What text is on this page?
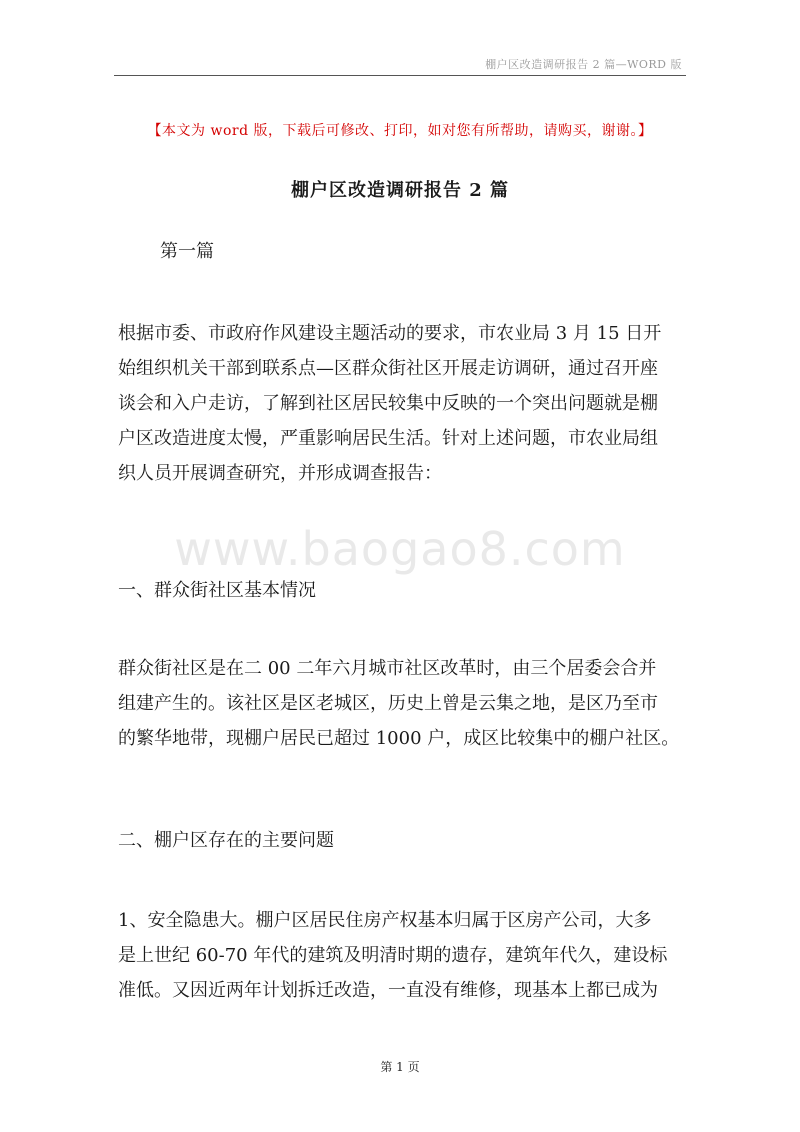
棚户区改造调研报告 2 篇—WORD 版
【本文为 word 版，下载后可修改、打印，如对您有所帮助，请购买，谢谢。】
棚户区改造调研报告 2 篇
第一篇

根据市委、市政府作风建设主题活动的要求，市农业局 3 月 15 日开
始组织机关干部到联系点—区群众街社区开展走访调研，通过召开座
谈会和入户走访，了解到社区居民较集中反映的一个突出问题就是棚
户区改造进度太慢，严重影响居民生活。针对上述问题，市农业局组
织人员开展调查研究，并形成调查报告：

www.baogao8.com
一、群众街社区基本情况

群众街社区是在二 00 二年六月城市社区改革时，由三个居委会合并
组建产生的。该社区是区老城区，历史上曾是云集之地，是区乃至市
的繁华地带，现棚户居民已超过 1000 户，成区比较集中的棚户社区。

二、棚户区存在的主要问题

1、安全隐患大。棚户区居民住房产权基本归属于区房产公司，大多
是上世纪 60-70 年代的建筑及明清时期的遗存，建筑年代久，建设标
准低。又因近两年计划拆迁改造，一直没有维修，现基本上都已成为

第 1 页
